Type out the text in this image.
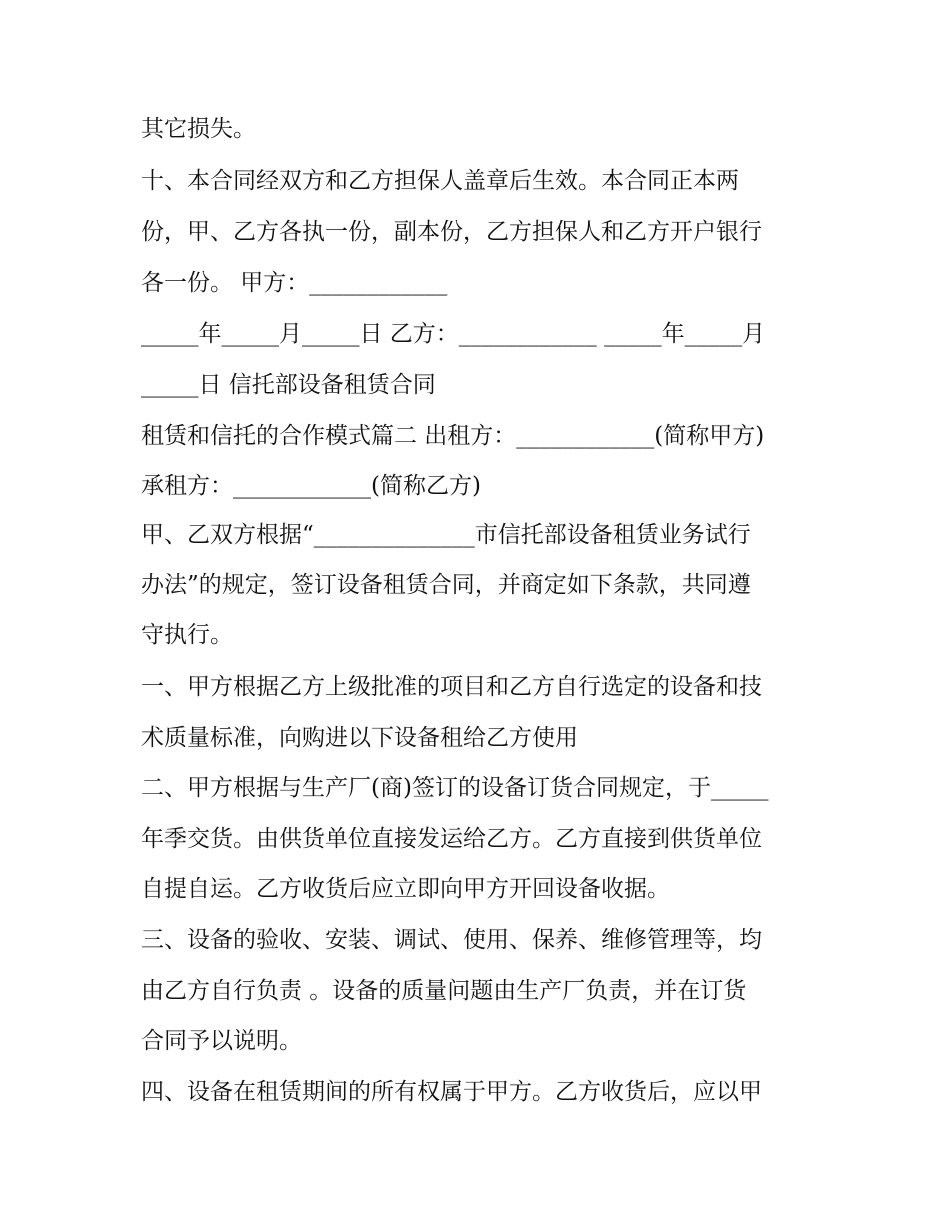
其它损失。
十、本合同经双方和乙方担保人盖章后生效。本合同正本两
份，甲、乙方各执一份，副本份，乙方担保人和乙方开户银行
各一份。 甲方：____________
_____年_____月_____日 乙方：____________ _____年_____月
_____日 信托部设备租赁合同
租赁和信托的合作模式篇二 出租方：____________(简称甲方)
承租方：____________(简称乙方)
甲、乙双方根据“______________市信托部设备租赁业务试行
办法”的规定，签订设备租赁合同，并商定如下条款，共同遵
守执行。
一、甲方根据乙方上级批准的项目和乙方自行选定的设备和技
术质量标准，向购进以下设备租给乙方使用
二、甲方根据与生产厂(商)签订的设备订货合同规定，于_____
年季交货。由供货单位直接发运给乙方。乙方直接到供货单位
自提自运。乙方收货后应立即向甲方开回设备收据。
三、设备的验收、安装、调试、使用、保养、维修管理等，均
由乙方自行负责 。设备的质量问题由生产厂负责，并在订货
合同予以说明。
四、设备在租赁期间的所有权属于甲方。乙方收货后，应以甲
